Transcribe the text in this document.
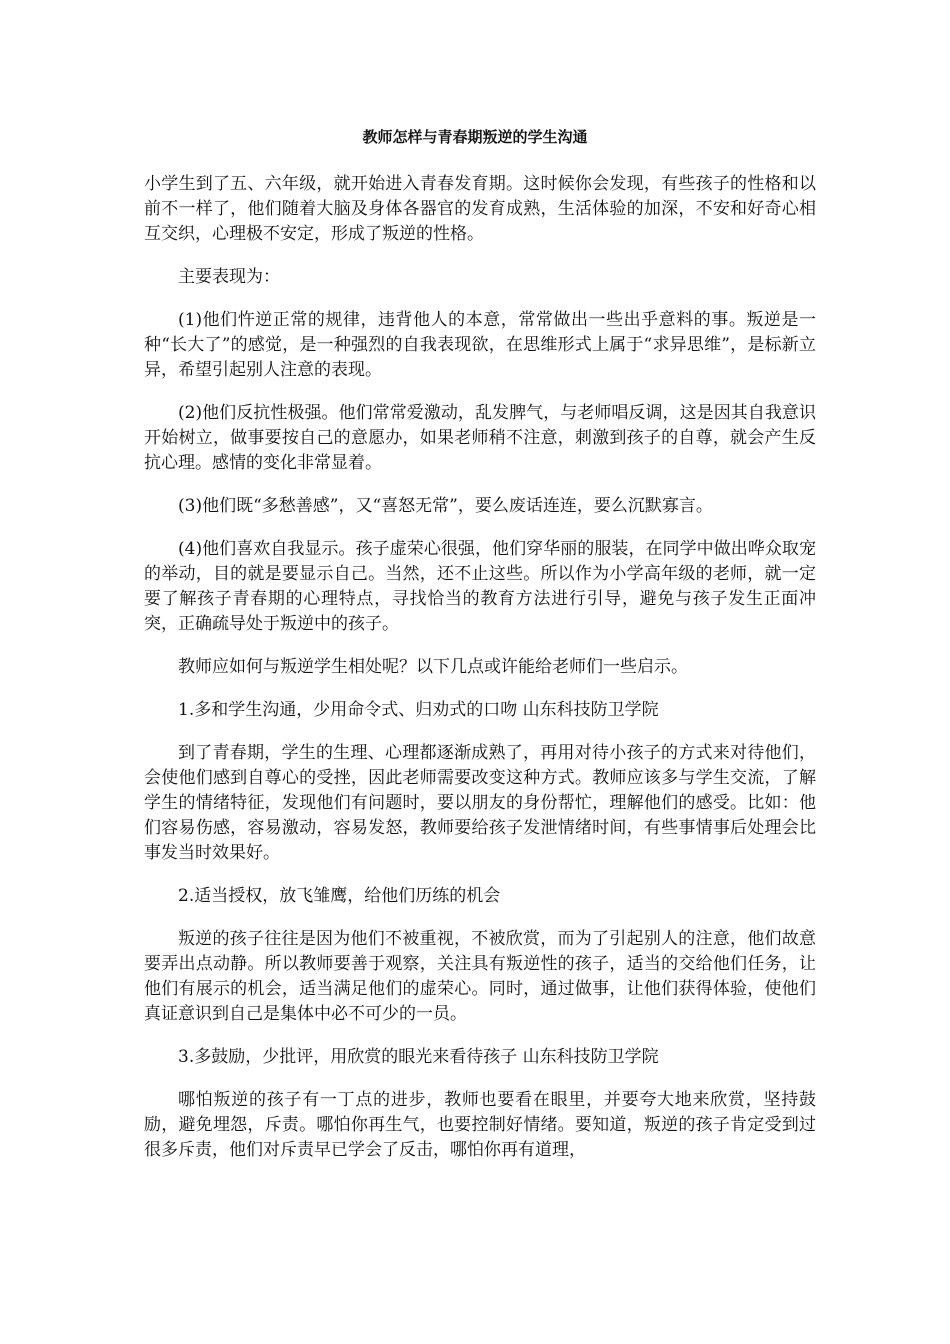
教师怎样与青春期叛逆的学生沟通

小学生到了五、六年级，就开始进入青春发育期。这时候你会发现，有些孩子的性格和以前不一样了，他们随着大脑及身体各器官的发育成熟，生活体验的加深，不安和好奇心相互交织，心理极不安定，形成了叛逆的性格。

主要表现为：

(1)他们忤逆正常的规律，违背他人的本意，常常做出一些出乎意料的事。叛逆是一种“长大了”的感觉，是一种强烈的自我表现欲，在思维形式上属于“求异思维”，是标新立异，希望引起别人注意的表现。

(2)他们反抗性极强。他们常常爱激动，乱发脾气，与老师唱反调，这是因其自我意识开始树立，做事要按自己的意愿办，如果老师稍不注意，刺激到孩子的自尊，就会产生反抗心理。感情的变化非常显着。

(3)他们既“多愁善感”，又“喜怒无常”，要么废话连连，要么沉默寡言。

(4)他们喜欢自我显示。孩子虚荣心很强，他们穿华丽的服装，在同学中做出哗众取宠的举动，目的就是要显示自己。当然，还不止这些。所以作为小学高年级的老师，就一定要了解孩子青春期的心理特点，寻找恰当的教育方法进行引导，避免与孩子发生正面冲突，正确疏导处于叛逆中的孩子。

教师应如何与叛逆学生相处呢？以下几点或许能给老师们一些启示。

1.多和学生沟通，少用命令式、归劝式的口吻 山东科技防卫学院

到了青春期，学生的生理、心理都逐渐成熟了，再用对待小孩子的方式来对待他们，会使他们感到自尊心的受挫，因此老师需要改变这种方式。教师应该多与学生交流，了解学生的情绪特征，发现他们有问题时，要以朋友的身份帮忙，理解他们的感受。比如：他们容易伤感，容易激动，容易发怒，教师要给孩子发泄情绪时间，有些事情事后处理会比事发当时效果好。

2.适当授权，放飞雏鹰，给他们历练的机会

叛逆的孩子往往是因为他们不被重视，不被欣赏，而为了引起别人的注意，他们故意要弄出点动静。所以教师要善于观察，关注具有叛逆性的孩子，适当的交给他们任务，让他们有展示的机会，适当满足他们的虚荣心。同时，通过做事，让他们获得体验，使他们真证意识到自己是集体中必不可少的一员。

3.多鼓励，少批评，用欣赏的眼光来看待孩子 山东科技防卫学院

哪怕叛逆的孩子有一丁点的进步，教师也要看在眼里，并要夸大地来欣赏，坚持鼓励，避免埋怨，斥责。哪怕你再生气，也要控制好情绪。要知道，叛逆的孩子肯定受到过很多斥责，他们对斥责早已学会了反击，哪怕你再有道理，
